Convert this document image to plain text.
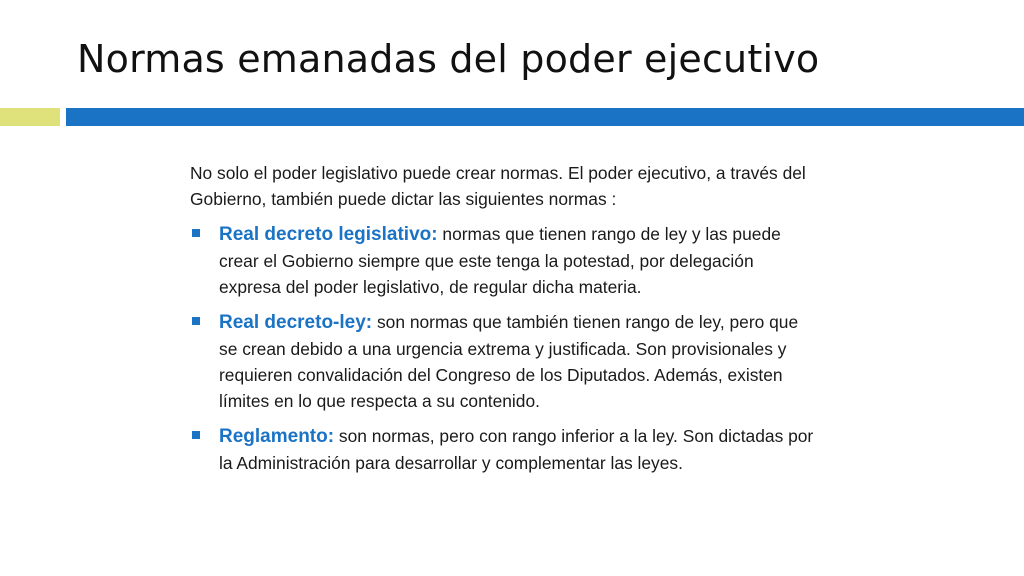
Normas emanadas del poder ejecutivo

No solo el poder legislativo puede crear normas. El poder ejecutivo, a través del Gobierno, también puede dictar las siguientes normas :

Real decreto legislativo: normas que tienen rango de ley y las puede crear el Gobierno siempre que este tenga la potestad, por delegación expresa del poder legislativo, de regular dicha materia.
Real decreto-ley: son normas que también tienen rango de ley, pero que se crean debido a una urgencia extrema y justificada. Son provisionales y requieren convalidación del Congreso de los Diputados. Además, existen límites en lo que respecta a su contenido.
Reglamento: son normas, pero con rango inferior a la ley. Son dictadas por la Administración para desarrollar y complementar las leyes.
